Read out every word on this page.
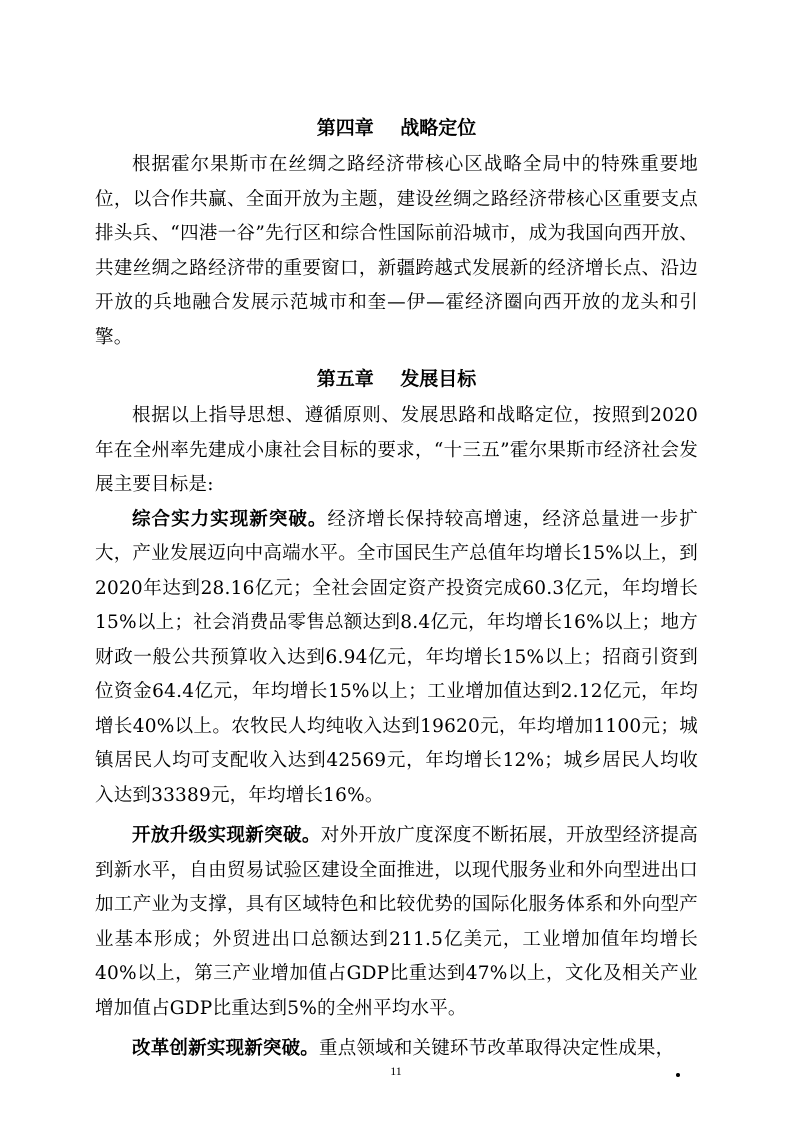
第四章    战略定位

根据霍尔果斯市在丝绸之路经济带核心区战略全局中的特殊重要地位，以合作共赢、全面开放为主题，建设丝绸之路经济带核心区重要支点排头兵、“四港一谷”先行区和综合性国际前沿城市，成为我国向西开放、共建丝绸之路经济带的重要窗口，新疆跨越式发展新的经济增长点、沿边开放的兵地融合发展示范城市和奎—伊—霍经济圈向西开放的龙头和引擎。

第五章    发展目标

根据以上指导思想、遵循原则、发展思路和战略定位，按照到2020年在全州率先建成小康社会目标的要求，“十三五”霍尔果斯市经济社会发展主要目标是:

综合实力实现新突破。经济增长保持较高增速，经济总量进一步扩大，产业发展迈向中高端水平。全市国民生产总值年均增长15%以上，到2020年达到28.16亿元；全社会固定资产投资完成60.3亿元，年均增长15%以上；社会消费品零售总额达到8.4亿元，年均增长16%以上；地方财政一般公共预算收入达到6.94亿元，年均增长15%以上；招商引资到位资金64.4亿元，年均增长15%以上；工业增加值达到2.12亿元，年均增长40%以上。农牧民人均纯收入达到19620元，年均增加1100元；城镇居民人均可支配收入达到42569元，年均增长12%；城乡居民人均收入达到33389元，年均增长16%。

开放升级实现新突破。对外开放广度深度不断拓展，开放型经济提高到新水平，自由贸易试验区建设全面推进，以现代服务业和外向型进出口加工产业为支撑，具有区域特色和比较优势的国际化服务体系和外向型产业基本形成；外贸进出口总额达到211.5亿美元，工业增加值年均增长40%以上，第三产业增加值占GDP比重达到47%以上，文化及相关产业增加值占GDP比重达到5%的全州平均水平。

改革创新实现新突破。重点领域和关键环节改革取得决定性成果，

11
